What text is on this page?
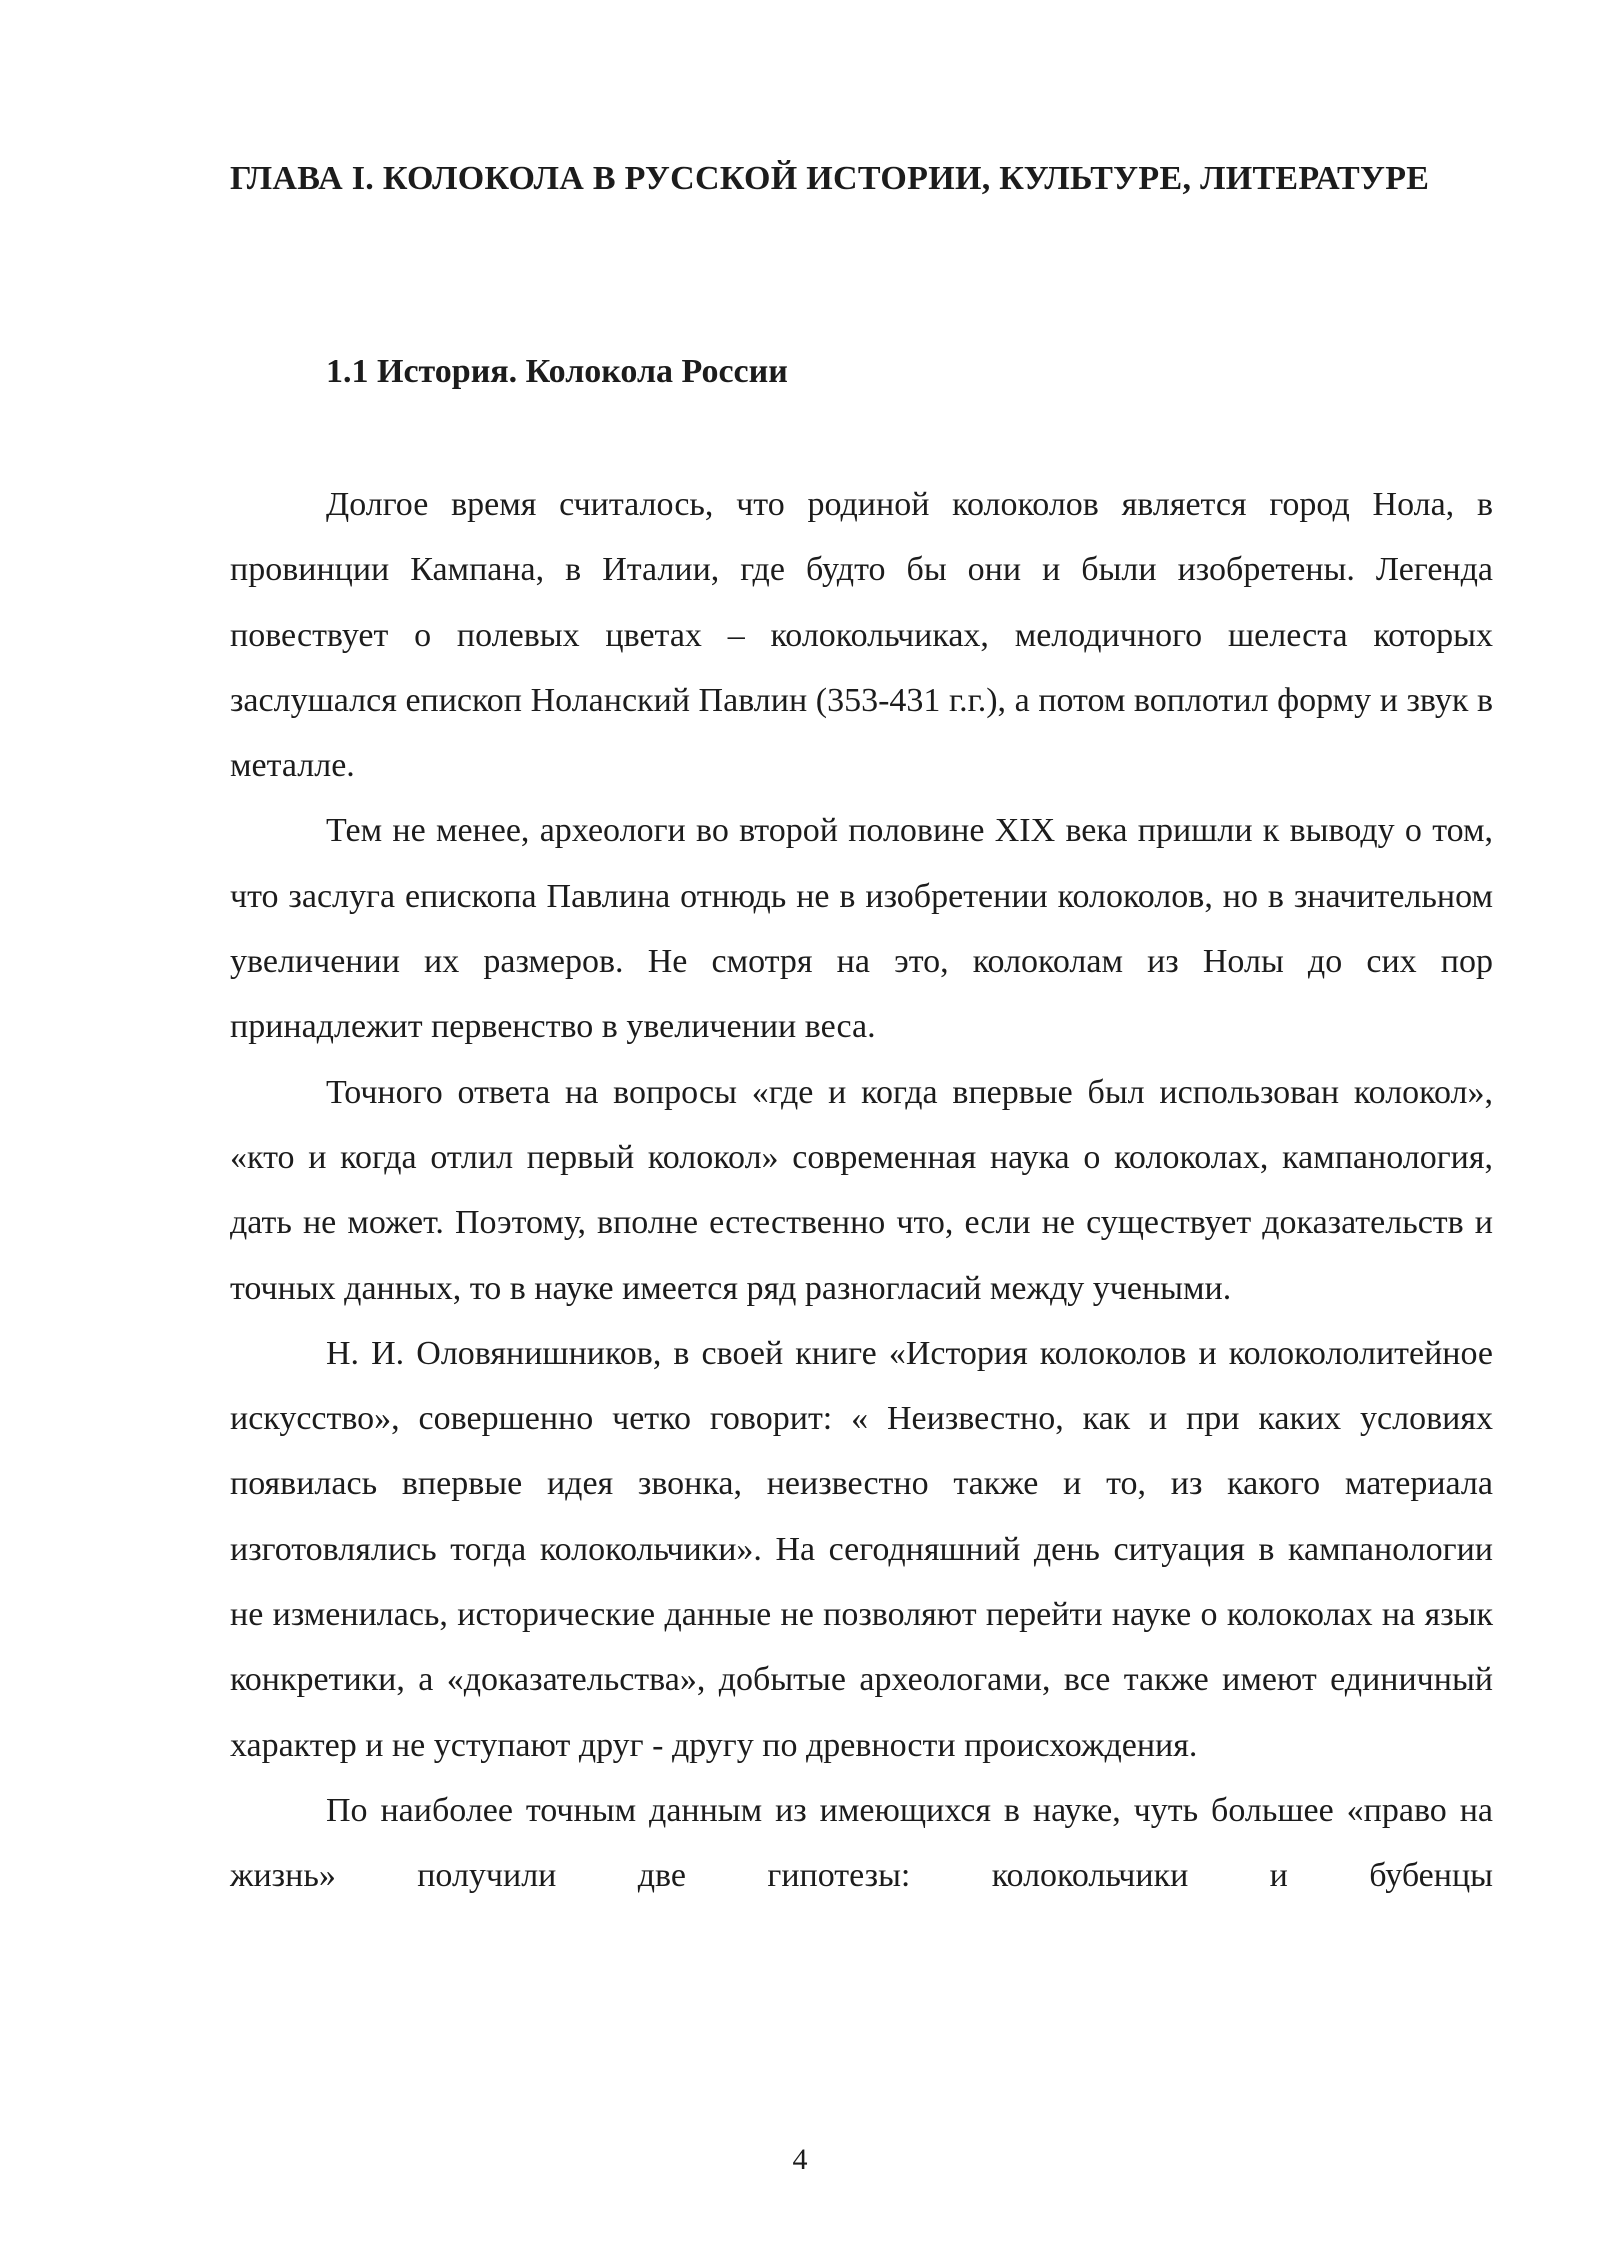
ГЛАВА I. КОЛОКОЛА В РУССКОЙ ИСТОРИИ, КУЛЬТУРЕ, ЛИТЕРАТУРЕ
1.1 История. Колокола России

Долгое время считалось, что родиной колоколов является город Нола, в провинции Кампана, в Италии, где будто бы они и были изобретены. Легенда повествует о полевых цветах – колокольчиках, мелодичного шелеста которых заслушался епископ Ноланский Павлин (353-431 г.г.), а потом воплотил форму и звук в металле.

Тем не менее, археологи во второй половине XIX века пришли к выводу о том, что заслуга епископа Павлина отнюдь не в изобретении колоколов, но в значительном увеличении их размеров. Не смотря на это, колоколам из Нолы до сих пор принадлежит первенство в увеличении веса.

Точного ответа на вопросы «где и когда впервые был использован колокол», «кто и когда отлил первый колокол» современная наука о колоколах, кампанология, дать не может. Поэтому, вполне естественно что, если не существует доказательств и точных данных, то в науке имеется ряд разногласий между учеными.

Н. И. Оловянишников, в своей книге «История колоколов и колокололитейное искусство», совершенно четко говорит: « Неизвестно, как и при каких условиях появилась впервые идея звонка, неизвестно также и то, из какого материала изготовлялись тогда колокольчики». На сегодняшний день ситуация в кампанологии не изменилась, исторические данные не позволяют перейти науке о колоколах на язык конкретики, а «доказательства», добытые археологами, все также имеют единичный характер и не уступают друг - другу по древности происхождения.

По наиболее точным данным из имеющихся в науке, чуть большее «право на жизнь» получили две гипотезы: колокольчики и бубенцы

4
